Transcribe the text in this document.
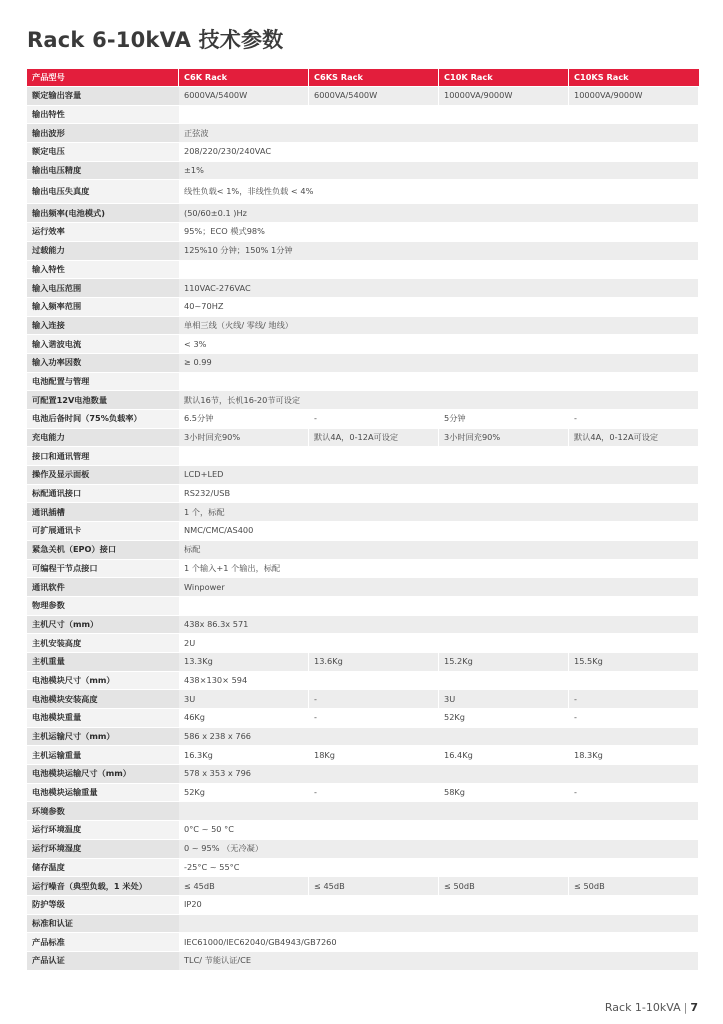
Rack 6-10kVA 技术参数
产品型号	C6K Rack	C6KS Rack	C10K Rack	C10KS Rack
额定输出容量	6000VA/5400W	6000VA/5400W	10000VA/9000W	10000VA/9000W
输出特性				
输出波形	正弦波			
额定电压	208/220/230/240VAC			
输出电压精度	±1%			
输出电压失真度	线性负载< 1%，非线性负载 < 4%			
输出频率(电池模式)	(50/60±0.1 )Hz			
运行效率	95%；ECO 模式98%			
过载能力	125%10 分钟；150% 1分钟			
输入特性				
输入电压范围	110VAC-276VAC			
输入频率范围	40~70HZ			
输入连接	单相三线（火线/ 零线/ 地线）			
输入谐波电流	< 3%			
输入功率因数	≥ 0.99			
电池配置与管理				
可配置12V电池数量	默认16节，长机16-20节可设定			
电池后备时间（75%负载率）	6.5分钟	-	5分钟	-
充电能力	3小时回充90%	默认4A，0-12A可设定	3小时回充90%	默认4A，0-12A可设定
接口和通讯管理				
操作及显示面板	LCD+LED			
标配通讯接口	RS232/USB			
通讯插槽	1 个，标配			
可扩展通讯卡	NMC/CMC/AS400			
紧急关机（EPO）接口	标配			
可编程干节点接口	1 个输入+1 个输出，标配			
通讯软件	Winpower			
物理参数				
主机尺寸（mm）	438x 86.3x 571			
主机安装高度	2U			
主机重量	13.3Kg	13.6Kg	15.2Kg	15.5Kg
电池模块尺寸（mm）	438×130× 594			
电池模块安装高度	3U	-	3U	-
电池模块重量	46Kg	-	52Kg	-
主机运输尺寸（mm）	586 x 238 x 766			
主机运输重量	16.3Kg	18Kg	16.4Kg	18.3Kg
电池模块运输尺寸（mm）	578 x 353 x 796			
电池模块运输重量	52Kg	-	58Kg	-
环境参数				
运行环境温度	0°C ~ 50 °C			
运行环境湿度	0 ~ 95% （无冷凝）			
储存温度	-25°C ~ 55°C			
运行噪音（典型负载，1 米处）	≤ 45dB	≤ 45dB	≤ 50dB	≤ 50dB
防护等级	IP20			
标准和认证				
产品标准	IEC61000/IEC62040/GB4943/GB7260			
产品认证	TLC/ 节能认证/CE			
Rack 1-10kVA | 7
